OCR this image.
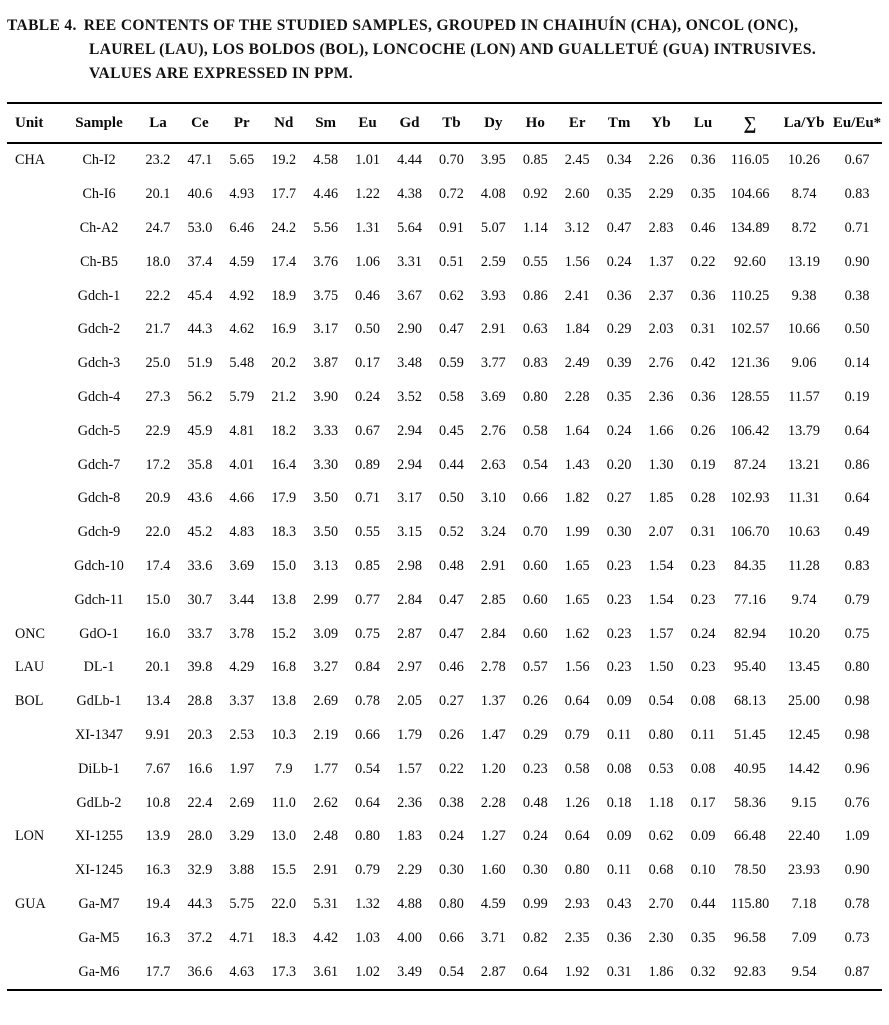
TABLE 4. REE CONTENTS OF THE STUDIED SAMPLES, GROUPED IN CHAIHUÍN (CHA), ONCOL (ONC),
LAUREL (LAU), LOS BOLDOS (BOL), LONCOCHE (LON) AND GUALLETUÉ (GUA) INTRUSIVES.
VALUES ARE EXPRESSED IN PPM.
Unit	Sample	La	Ce	Pr	Nd	Sm	Eu	Gd	Tb	Dy	Ho	Er	Tm	Yb	Lu	∑	La/Yb	Eu/Eu*
CHA	Ch-I2	23.2	47.1	5.65	19.2	4.58	1.01	4.44	0.70	3.95	0.85	2.45	0.34	2.26	0.36	116.05	10.26	0.67
	Ch-I6	20.1	40.6	4.93	17.7	4.46	1.22	4.38	0.72	4.08	0.92	2.60	0.35	2.29	0.35	104.66	8.74	0.83
	Ch-A2	24.7	53.0	6.46	24.2	5.56	1.31	5.64	0.91	5.07	1.14	3.12	0.47	2.83	0.46	134.89	8.72	0.71
	Ch-B5	18.0	37.4	4.59	17.4	3.76	1.06	3.31	0.51	2.59	0.55	1.56	0.24	1.37	0.22	92.60	13.19	0.90
	Gdch-1	22.2	45.4	4.92	18.9	3.75	0.46	3.67	0.62	3.93	0.86	2.41	0.36	2.37	0.36	110.25	9.38	0.38
	Gdch-2	21.7	44.3	4.62	16.9	3.17	0.50	2.90	0.47	2.91	0.63	1.84	0.29	2.03	0.31	102.57	10.66	0.50
	Gdch-3	25.0	51.9	5.48	20.2	3.87	0.17	3.48	0.59	3.77	0.83	2.49	0.39	2.76	0.42	121.36	9.06	0.14
	Gdch-4	27.3	56.2	5.79	21.2	3.90	0.24	3.52	0.58	3.69	0.80	2.28	0.35	2.36	0.36	128.55	11.57	0.19
	Gdch-5	22.9	45.9	4.81	18.2	3.33	0.67	2.94	0.45	2.76	0.58	1.64	0.24	1.66	0.26	106.42	13.79	0.64
	Gdch-7	17.2	35.8	4.01	16.4	3.30	0.89	2.94	0.44	2.63	0.54	1.43	0.20	1.30	0.19	87.24	13.21	0.86
	Gdch-8	20.9	43.6	4.66	17.9	3.50	0.71	3.17	0.50	3.10	0.66	1.82	0.27	1.85	0.28	102.93	11.31	0.64
	Gdch-9	22.0	45.2	4.83	18.3	3.50	0.55	3.15	0.52	3.24	0.70	1.99	0.30	2.07	0.31	106.70	10.63	0.49
	Gdch-10	17.4	33.6	3.69	15.0	3.13	0.85	2.98	0.48	2.91	0.60	1.65	0.23	1.54	0.23	84.35	11.28	0.83
	Gdch-11	15.0	30.7	3.44	13.8	2.99	0.77	2.84	0.47	2.85	0.60	1.65	0.23	1.54	0.23	77.16	9.74	0.79
ONC	GdO-1	16.0	33.7	3.78	15.2	3.09	0.75	2.87	0.47	2.84	0.60	1.62	0.23	1.57	0.24	82.94	10.20	0.75
LAU	DL-1	20.1	39.8	4.29	16.8	3.27	0.84	2.97	0.46	2.78	0.57	1.56	0.23	1.50	0.23	95.40	13.45	0.80
BOL	GdLb-1	13.4	28.8	3.37	13.8	2.69	0.78	2.05	0.27	1.37	0.26	0.64	0.09	0.54	0.08	68.13	25.00	0.98
	XI-1347	9.91	20.3	2.53	10.3	2.19	0.66	1.79	0.26	1.47	0.29	0.79	0.11	0.80	0.11	51.45	12.45	0.98
	DiLb-1	7.67	16.6	1.97	7.9	1.77	0.54	1.57	0.22	1.20	0.23	0.58	0.08	0.53	0.08	40.95	14.42	0.96
	GdLb-2	10.8	22.4	2.69	11.0	2.62	0.64	2.36	0.38	2.28	0.48	1.26	0.18	1.18	0.17	58.36	9.15	0.76
LON	XI-1255	13.9	28.0	3.29	13.0	2.48	0.80	1.83	0.24	1.27	0.24	0.64	0.09	0.62	0.09	66.48	22.40	1.09
	XI-1245	16.3	32.9	3.88	15.5	2.91	0.79	2.29	0.30	1.60	0.30	0.80	0.11	0.68	0.10	78.50	23.93	0.90
GUA	Ga-M7	19.4	44.3	5.75	22.0	5.31	1.32	4.88	0.80	4.59	0.99	2.93	0.43	2.70	0.44	115.80	7.18	0.78
	Ga-M5	16.3	37.2	4.71	18.3	4.42	1.03	4.00	0.66	3.71	0.82	2.35	0.36	2.30	0.35	96.58	7.09	0.73
	Ga-M6	17.7	36.6	4.63	17.3	3.61	1.02	3.49	0.54	2.87	0.64	1.92	0.31	1.86	0.32	92.83	9.54	0.87
